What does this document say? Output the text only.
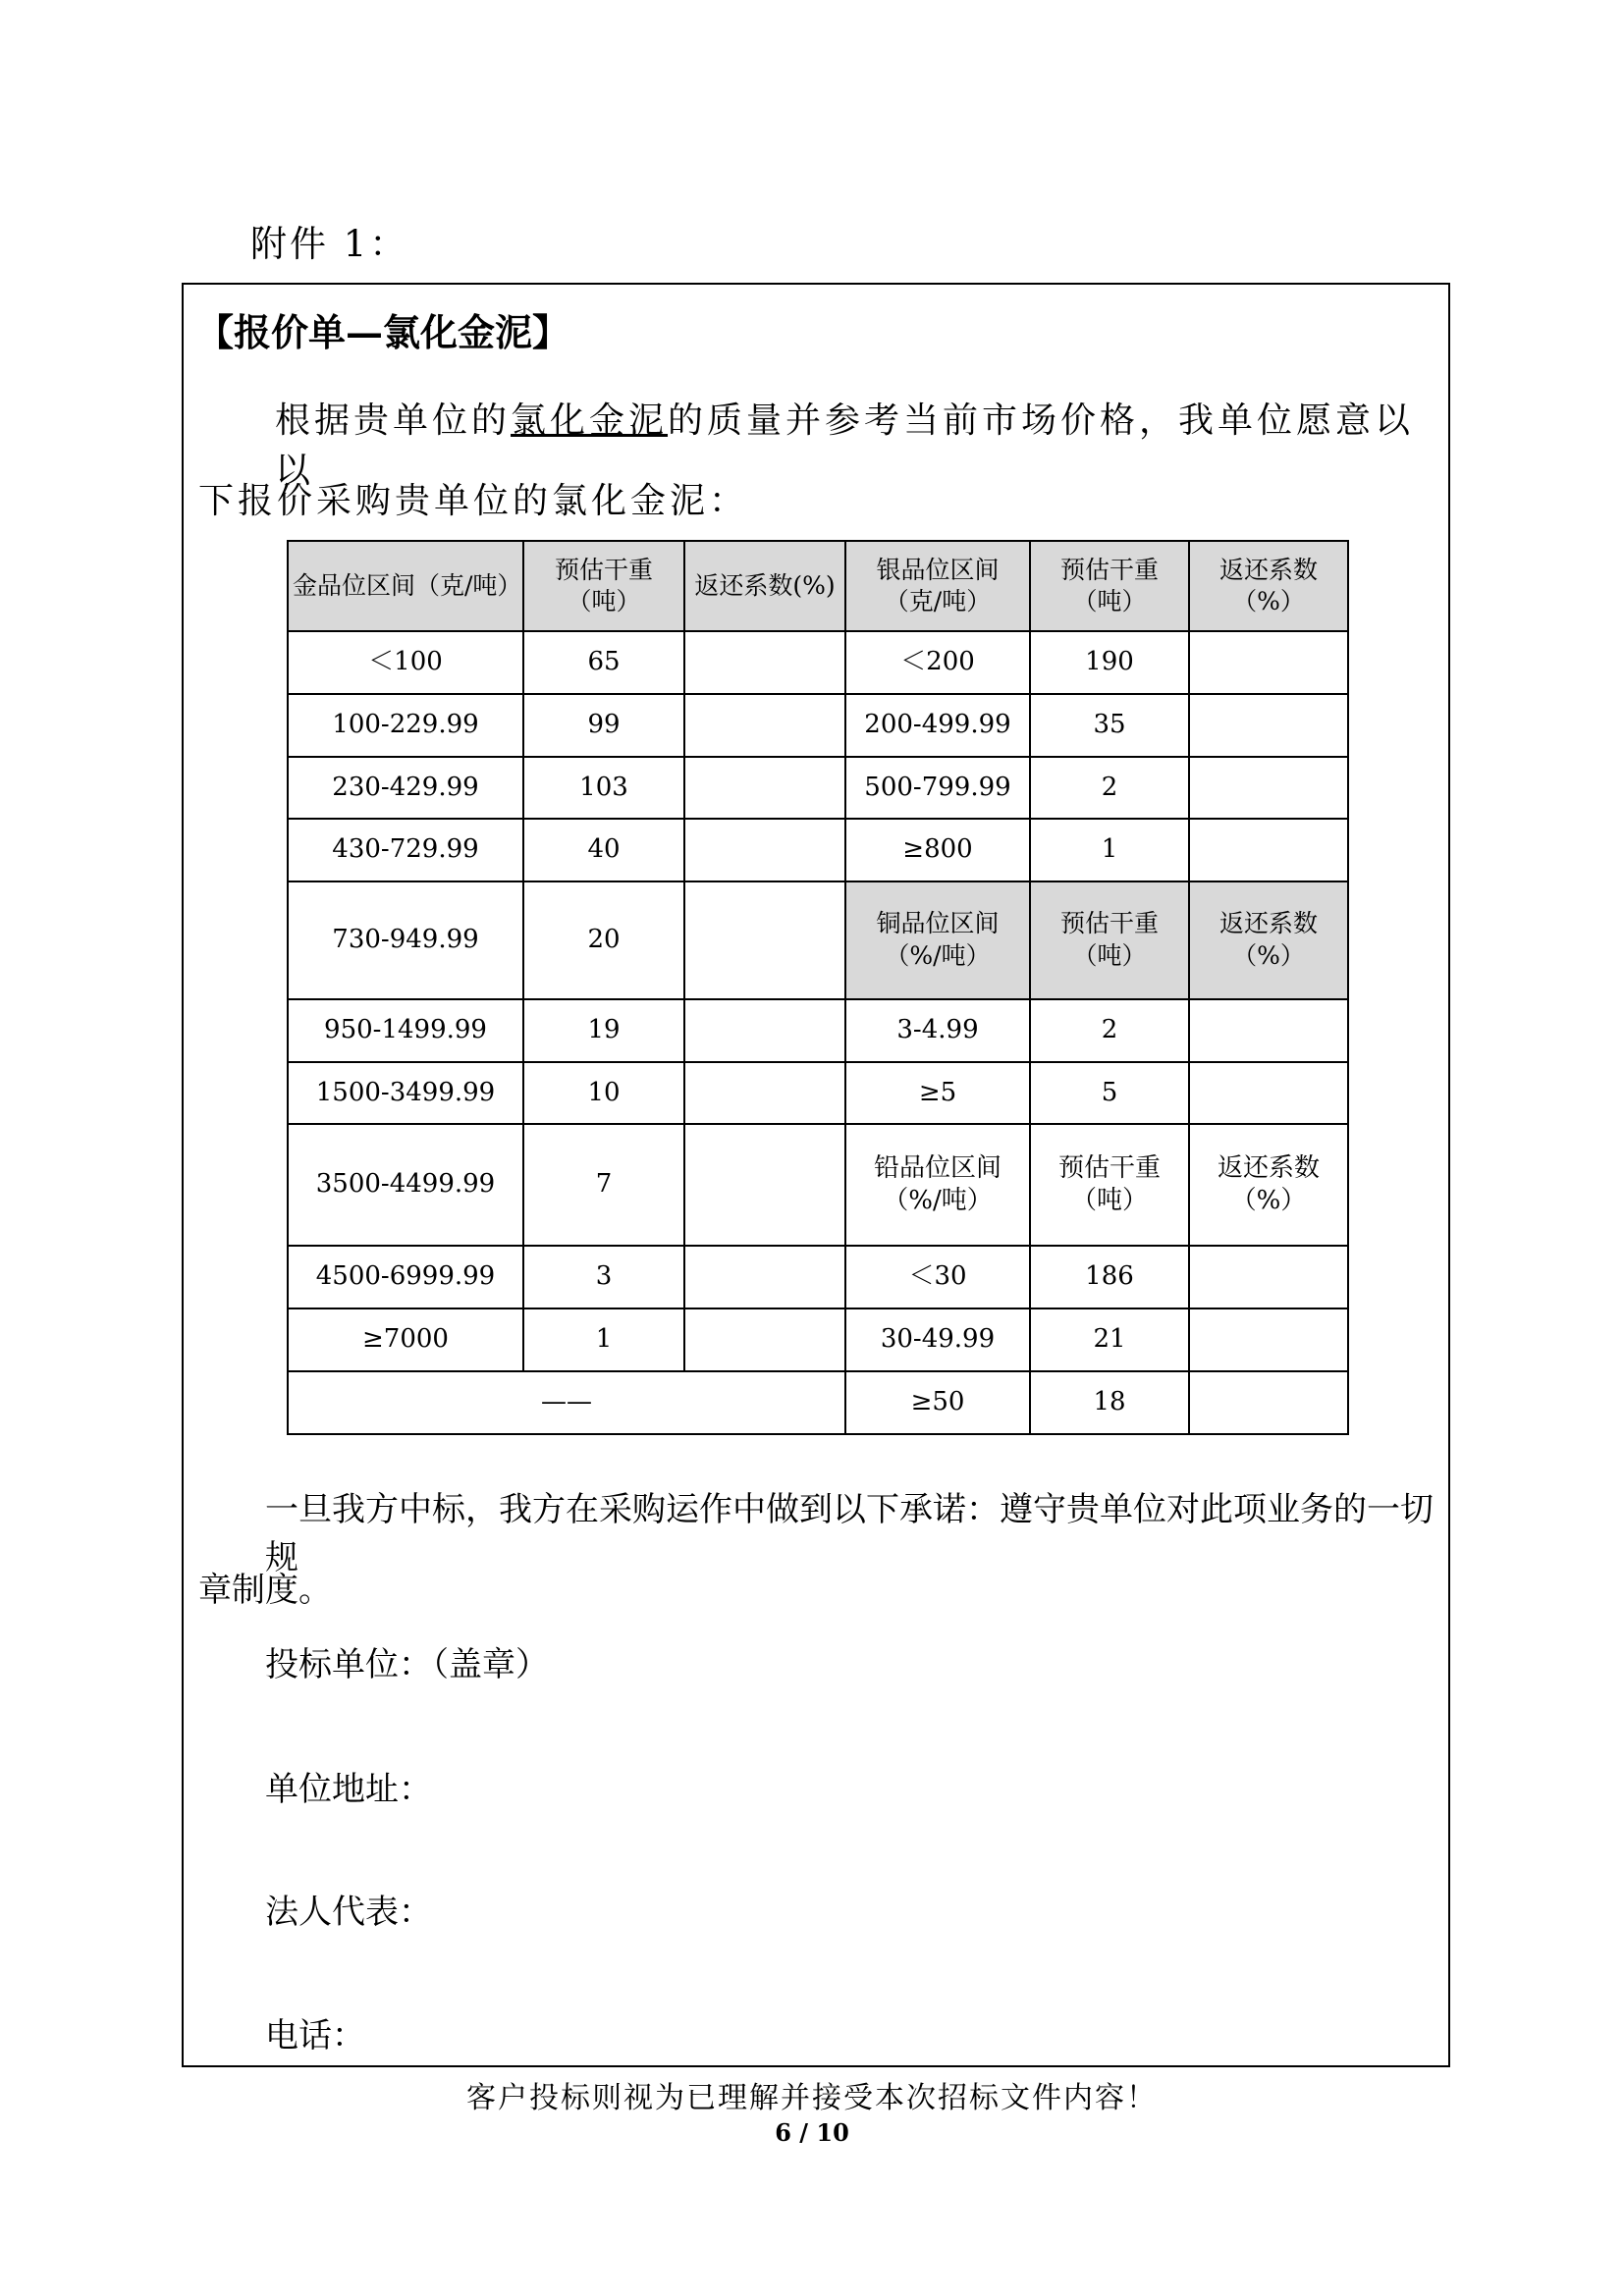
附件 1：
【报价单—氯化金泥】
根据贵单位的氯化金泥的质量并参考当前市场价格，我单位愿意以以
下报价采购贵单位的氯化金泥：
金品位区间（克/吨）	预估干重（吨）	返还系数(%)	银品位区间（克/吨）	预估干重（吨）	返还系数（%）
＜100	65		＜200	190	
100-229.99	99		200-499.99	35	
230-429.99	103		500-799.99	2	
430-729.99	40		≥800	1	
730-949.99	20		铜品位区间（%/吨）	预估干重（吨）	返还系数（%）
950-1499.99	19		3-4.99	2	
1500-3499.99	10		≥5	5	
3500-4499.99	7		铅品位区间（%/吨）	预估干重（吨）	返还系数（%）
4500-6999.99	3		＜30	186	
≥7000	1		30-49.99	21	
——			≥50	18	
一旦我方中标，我方在采购运作中做到以下承诺：遵守贵单位对此项业务的一切规
章制度。
投标单位：（盖章）
单位地址：
法人代表：
电话：
客户投标则视为已理解并接受本次招标文件内容！
6 / 10
